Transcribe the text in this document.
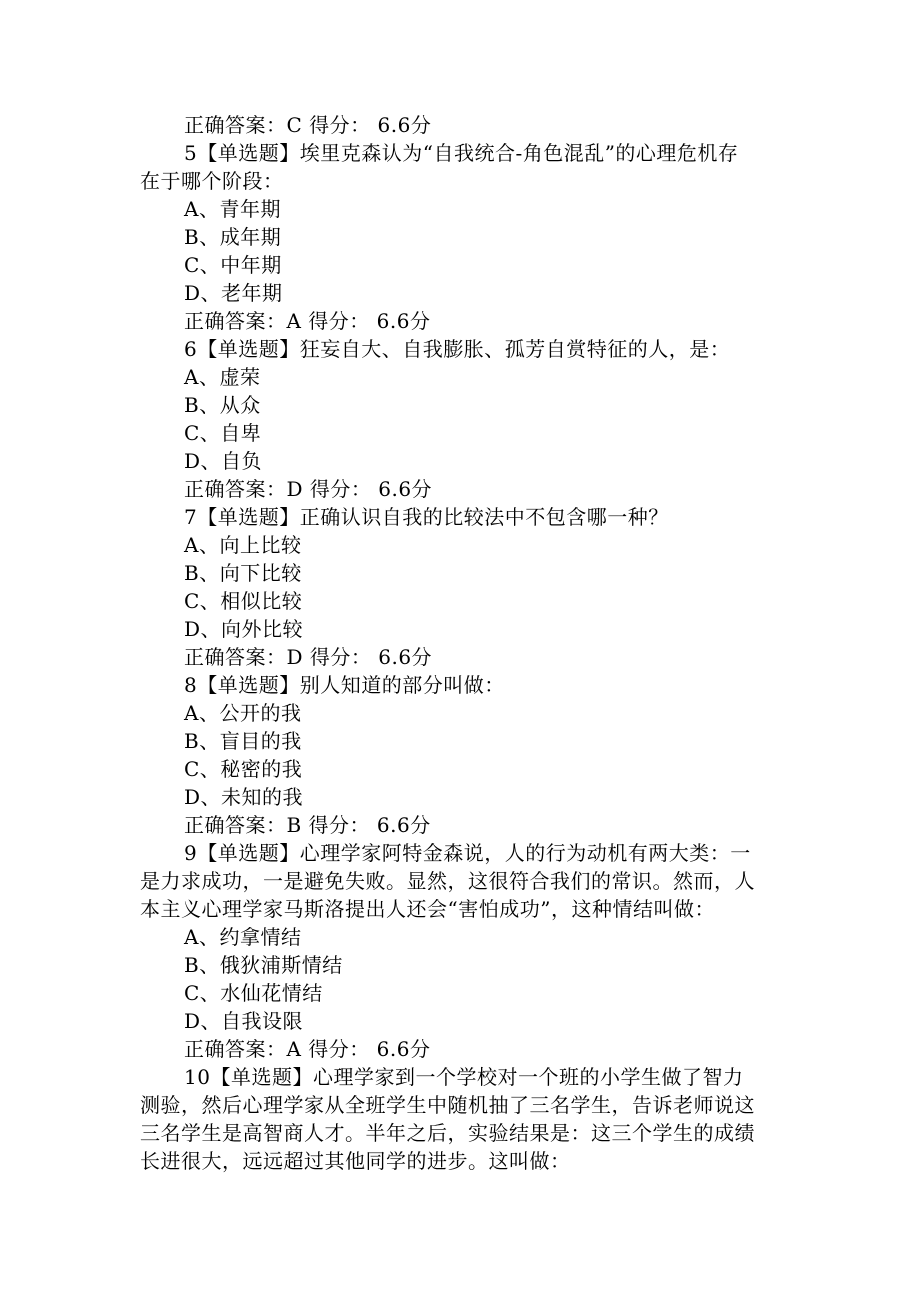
正确答案：C 得分： 6.6分
5【单选题】埃里克森认为“自我统合-角色混乱”的心理危机存
在于哪个阶段：
A、青年期
B、成年期
C、中年期
D、老年期
正确答案：A 得分： 6.6分
6【单选题】狂妄自大、自我膨胀、孤芳自赏特征的人，是：
A、虚荣
B、从众
C、自卑
D、自负
正确答案：D 得分： 6.6分
7【单选题】正确认识自我的比较法中不包含哪一种？
A、向上比较
B、向下比较
C、相似比较
D、向外比较
正确答案：D 得分： 6.6分
8【单选题】别人知道的部分叫做：
A、公开的我
B、盲目的我
C、秘密的我
D、未知的我
正确答案：B 得分： 6.6分
9【单选题】心理学家阿特金森说，人的行为动机有两大类：一
是力求成功，一是避免失败。显然，这很符合我们的常识。然而，人
本主义心理学家马斯洛提出人还会“害怕成功”，这种情结叫做：
A、约拿情结
B、俄狄浦斯情结
C、水仙花情结
D、自我设限
正确答案：A 得分： 6.6分
10【单选题】心理学家到一个学校对一个班的小学生做了智力
测验，然后心理学家从全班学生中随机抽了三名学生，告诉老师说这
三名学生是高智商人才。半年之后，实验结果是：这三个学生的成绩
长进很大，远远超过其他同学的进步。这叫做：
